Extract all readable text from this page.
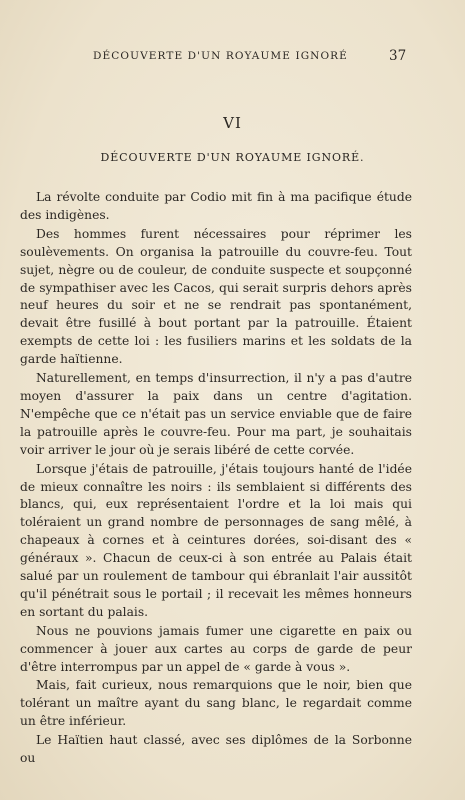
DÉCOUVERTE D'UN ROYAUME IGNORÉ	37
VI
DÉCOUVERTE D'UN ROYAUME IGNORÉ.

La révolte conduite par Codio mit fin à ma pacifique étude des indigènes.

Des hommes furent nécessaires pour réprimer les soulèvements. On organisa la patrouille du couvre-feu. Tout sujet, nègre ou de couleur, de conduite suspecte et soupçonné de sympathiser avec les Cacos, qui serait surpris dehors après neuf heures du soir et ne se rendrait pas spontanément, devait être fusillé à bout portant par la patrouille. Étaient exempts de cette loi : les fusiliers marins et les soldats de la garde haïtienne.

Naturellement, en temps d'insurrection, il n'y a pas d'autre moyen d'assurer la paix dans un centre d'agitation. N'empêche que ce n'était pas un service enviable que de faire la patrouille après le couvre-feu. Pour ma part, je souhaitais voir arriver le jour où je serais libéré de cette corvée.

Lorsque j'étais de patrouille, j'étais toujours hanté de l'idée de mieux connaître les noirs : ils semblaient si différents des blancs, qui, eux représentaient l'ordre et la loi mais qui toléraient un grand nombre de personnages de sang mêlé, à chapeaux à cornes et à ceintures dorées, soi-disant des « généraux ». Chacun de ceux-ci à son entrée au Palais était salué par un roulement de tambour qui ébranlait l'air aussitôt qu'il pénétrait sous le portail ; il recevait les mêmes honneurs en sortant du palais.

Nous ne pouvions jamais fumer une cigarette en paix ou commencer à jouer aux cartes au corps de garde de peur d'être interrompus par un appel de « garde à vous ».

Mais, fait curieux, nous remarquions que le noir, bien que tolérant un maître ayant du sang blanc, le regardait comme un être inférieur.

Le Haïtien haut classé, avec ses diplômes de la Sorbonne ou
